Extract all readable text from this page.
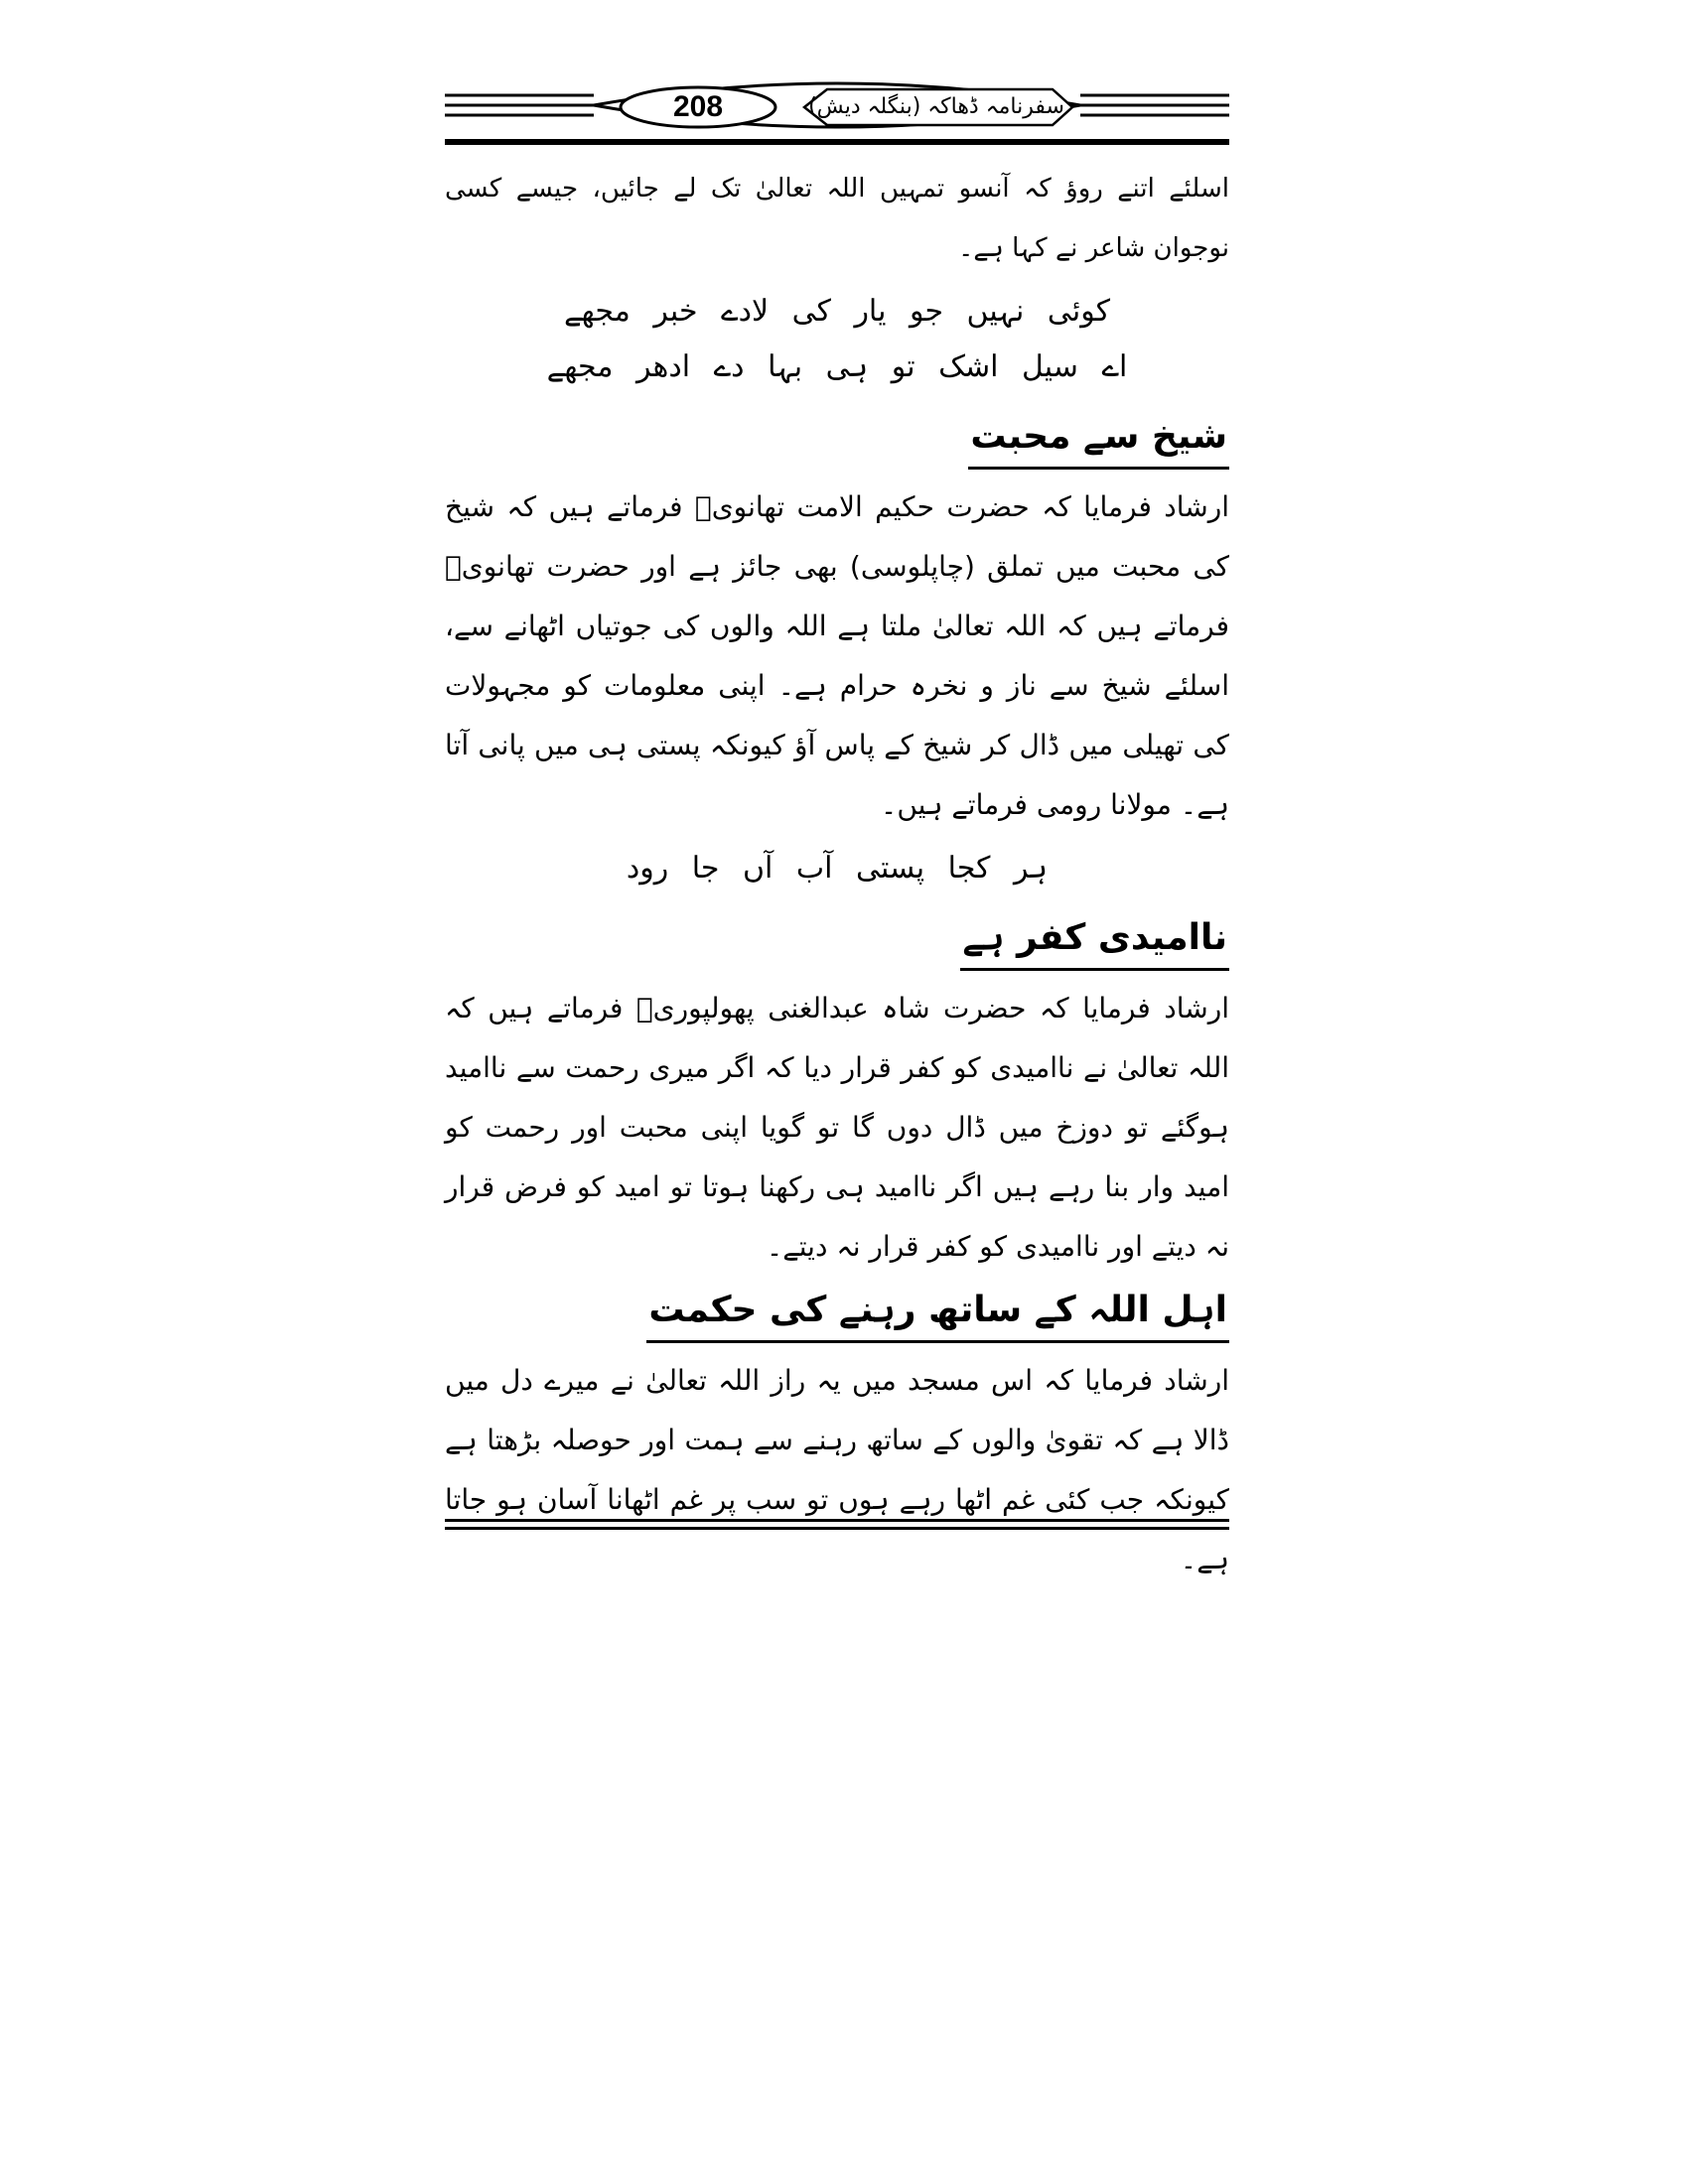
208	سفرنامہ ڈھاکہ (بنگلہ دیش)

اسلئے اتنے روؤ کہ آنسو تمہیں اللہ تعالیٰ تک لے جائیں، جیسے کسی نوجوان شاعر نے کہا ہے۔

کوئی نہیں جو یار کی لادے خبر مجھے
اے سیل اشک تو ہی بہا دے ادھر مجھے
شیخ سے محبت

ارشاد فرمایا کہ حضرت حکیم الامت تھانویؒ فرماتے ہیں کہ شیخ کی محبت میں تملق (چاپلوسی) بھی جائز ہے اور حضرت تھانویؒ فرماتے ہیں کہ اللہ تعالیٰ ملتا ہے اللہ والوں کی جوتیاں اٹھانے سے، اسلئے شیخ سے ناز و نخرہ حرام ہے۔ اپنی معلومات کو مجہولات کی تھیلی میں ڈال کر شیخ کے پاس آؤ کیونکہ پستی ہی میں پانی آتا ہے۔ مولانا رومی فرماتے ہیں۔

ہر کجا پستی آب آں جا رود
ناامیدی کفر ہے

ارشاد فرمایا کہ حضرت شاہ عبدالغنی پھولپوریؒ فرماتے ہیں کہ اللہ تعالیٰ نے ناامیدی کو کفر قرار دیا کہ اگر میری رحمت سے ناامید ہوگئے تو دوزخ میں ڈال دوں گا تو گویا اپنی محبت اور رحمت کو امید وار بنا رہے ہیں اگر ناامید ہی رکھنا ہوتا تو امید کو فرض قرار نہ دیتے اور ناامیدی کو کفر قرار نہ دیتے۔

اہل اللہ کے ساتھ رہنے کی حکمت

ارشاد فرمایا کہ اس مسجد میں یہ راز اللہ تعالیٰ نے میرے دل میں ڈالا ہے کہ تقویٰ والوں کے ساتھ رہنے سے ہمت اور حوصلہ بڑھتا ہے کیونکہ جب کئی غم اٹھا رہے ہوں تو سب پر غم اٹھانا آسان ہو جاتا ہے۔
